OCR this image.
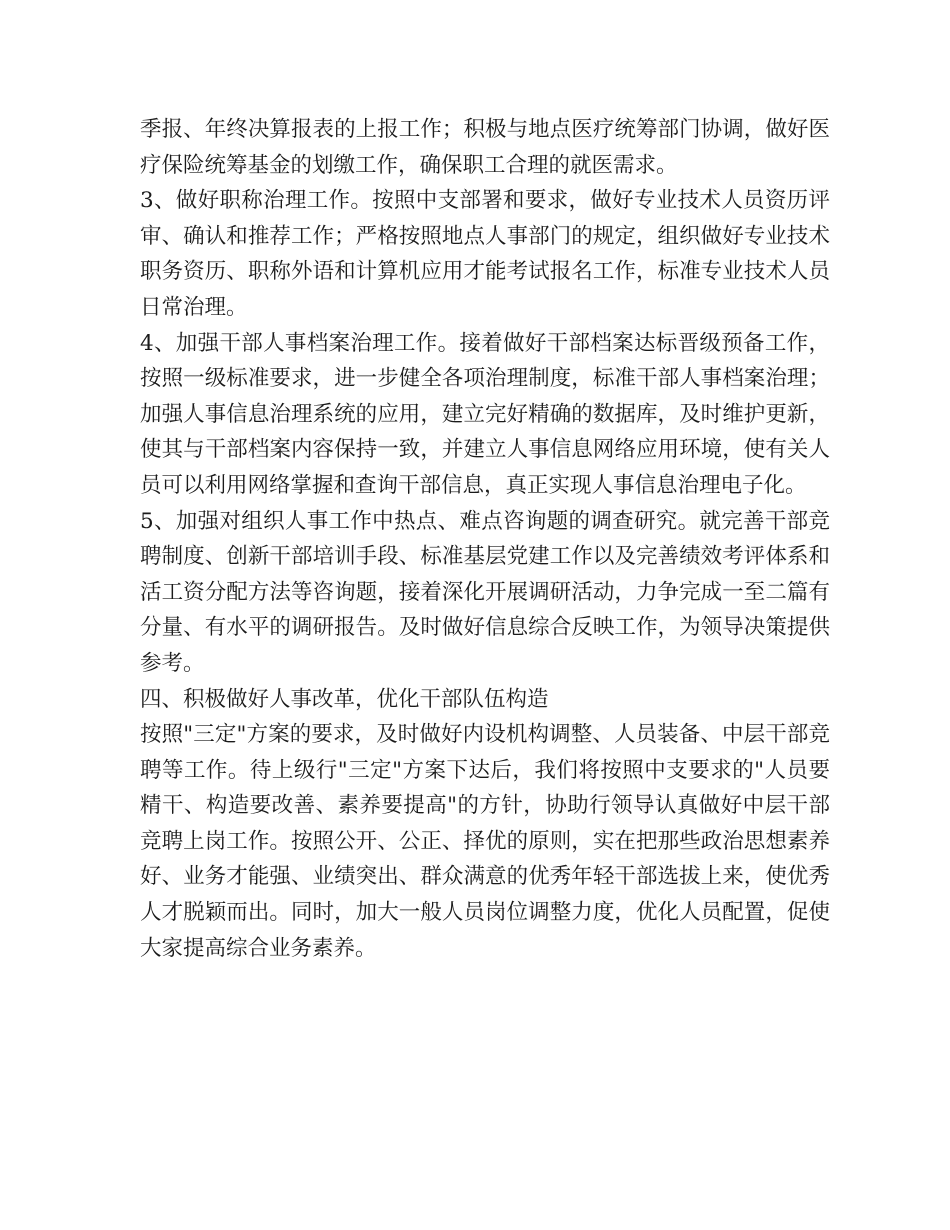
季报、年终决算报表的上报工作；积极与地点医疗统筹部门协调，做好医疗保险统筹基金的划缴工作，确保职工合理的就医需求。

3、做好职称治理工作。按照中支部署和要求，做好专业技术人员资历评审、确认和推荐工作；严格按照地点人事部门的规定，组织做好专业技术职务资历、职称外语和计算机应用才能考试报名工作，标准专业技术人员日常治理。

4、加强干部人事档案治理工作。接着做好干部档案达标晋级预备工作，按照一级标准要求，进一步健全各项治理制度，标准干部人事档案治理；加强人事信息治理系统的应用，建立完好精确的数据库，及时维护更新，使其与干部档案内容保持一致，并建立人事信息网络应用环境，使有关人员可以利用网络掌握和查询干部信息，真正实现人事信息治理电子化。

5、加强对组织人事工作中热点、难点咨询题的调查研究。就完善干部竞聘制度、创新干部培训手段、标准基层党建工作以及完善绩效考评体系和活工资分配方法等咨询题，接着深化开展调研活动，力争完成一至二篇有分量、有水平的调研报告。及时做好信息综合反映工作，为领导决策提供参考。

四、积极做好人事改革，优化干部队伍构造

按照"三定"方案的要求，及时做好内设机构调整、人员装备、中层干部竞聘等工作。待上级行"三定"方案下达后，我们将按照中支要求的"人员要精干、构造要改善、素养要提高"的方针，协助行领导认真做好中层干部竞聘上岗工作。按照公开、公正、择优的原则，实在把那些政治思想素养好、业务才能强、业绩突出、群众满意的优秀年轻干部选拔上来，使优秀人才脱颖而出。同时，加大一般人员岗位调整力度，优化人员配置，促使大家提高综合业务素养。
